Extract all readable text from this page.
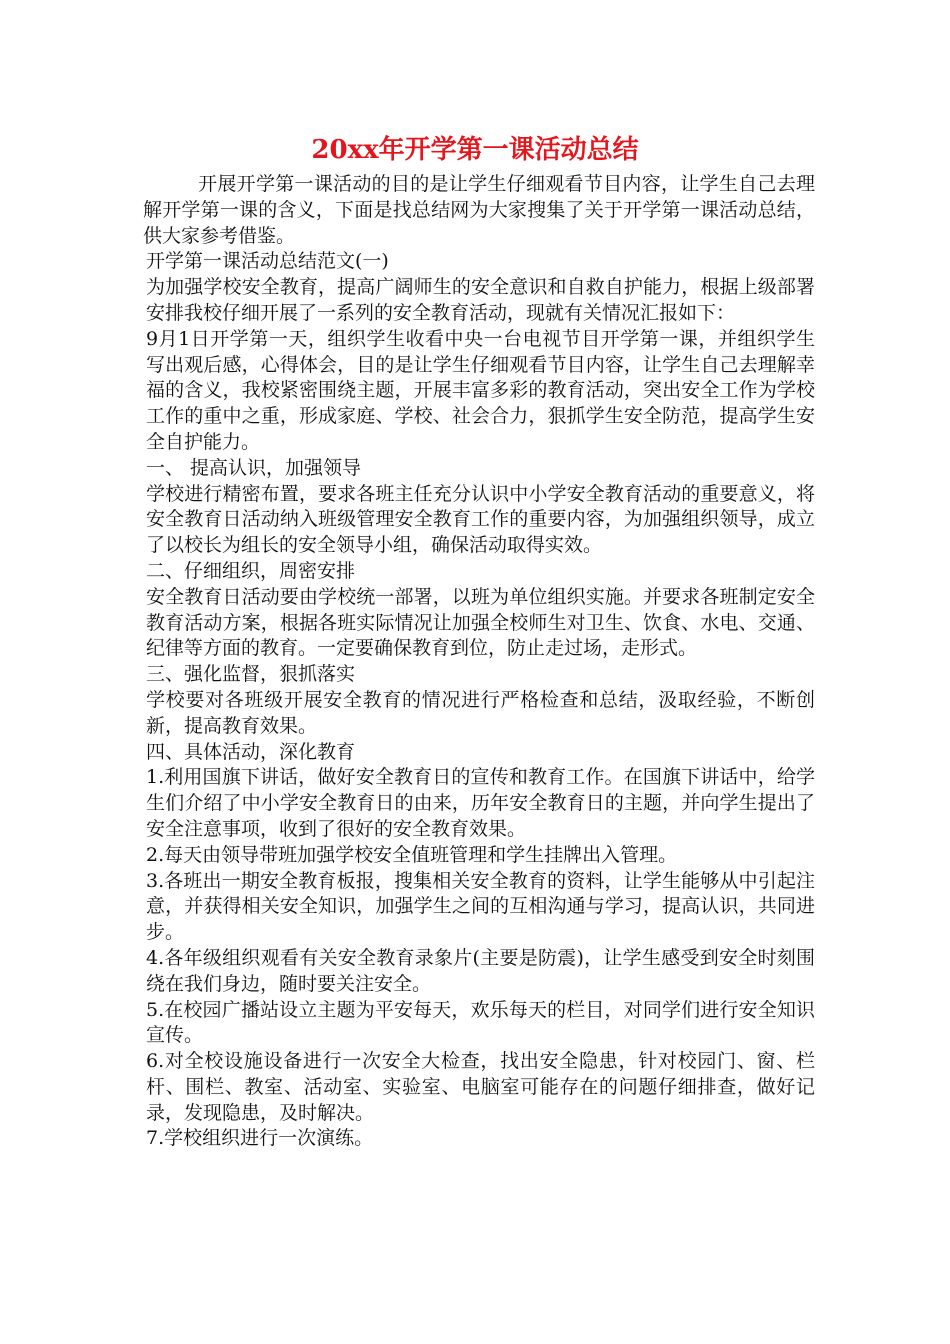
20xx年开学第一课活动总结

开展开学第一课活动的目的是让学生仔细观看节目内容，让学生自己去理解开学第一课的含义，下面是找总结网为大家搜集了关于开学第一课活动总结，供大家参考借鉴。

开学第一课活动总结范文(一)

为加强学校安全教育，提高广阔师生的安全意识和自救自护能力，根据上级部署安排我校仔细开展了一系列的安全教育活动，现就有关情况汇报如下：

9月1日开学第一天，组织学生收看中央一台电视节目开学第一课，并组织学生写出观后感，心得体会，目的是让学生仔细观看节目内容，让学生自己去理解幸福的含义，我校紧密围绕主题，开展丰富多彩的教育活动，突出安全工作为学校工作的重中之重，形成家庭、学校、社会合力，狠抓学生安全防范，提高学生安全自护能力。

一、 提高认识，加强领导

学校进行精密布置，要求各班主任充分认识中小学安全教育活动的重要意义，将安全教育日活动纳入班级管理安全教育工作的重要内容，为加强组织领导，成立了以校长为组长的安全领导小组，确保活动取得实效。

二、仔细组织，周密安排

安全教育日活动要由学校统一部署，以班为单位组织实施。并要求各班制定安全教育活动方案，根据各班实际情况让加强全校师生对卫生、饮食、水电、交通、纪律等方面的教育。一定要确保教育到位，防止走过场，走形式。

三、强化监督，狠抓落实

学校要对各班级开展安全教育的情况进行严格检查和总结，汲取经验，不断创新，提高教育效果。

四、具体活动，深化教育

1.利用国旗下讲话，做好安全教育日的宣传和教育工作。在国旗下讲话中，给学生们介绍了中小学安全教育日的由来，历年安全教育日的主题，并向学生提出了安全注意事项，收到了很好的安全教育效果。

2.每天由领导带班加强学校安全值班管理和学生挂牌出入管理。

3.各班出一期安全教育板报，搜集相关安全教育的资料，让学生能够从中引起注意，并获得相关安全知识，加强学生之间的互相沟通与学习，提高认识，共同进步。

4.各年级组织观看有关安全教育录象片(主要是防震)，让学生感受到安全时刻围绕在我们身边，随时要关注安全。

5.在校园广播站设立主题为平安每天，欢乐每天的栏目，对同学们进行安全知识宣传。

6.对全校设施设备进行一次安全大检查，找出安全隐患，针对校园门、窗、栏杆、围栏、教室、活动室、实验室、电脑室可能存在的问题仔细排查，做好记录，发现隐患，及时解决。

7.学校组织进行一次演练。
